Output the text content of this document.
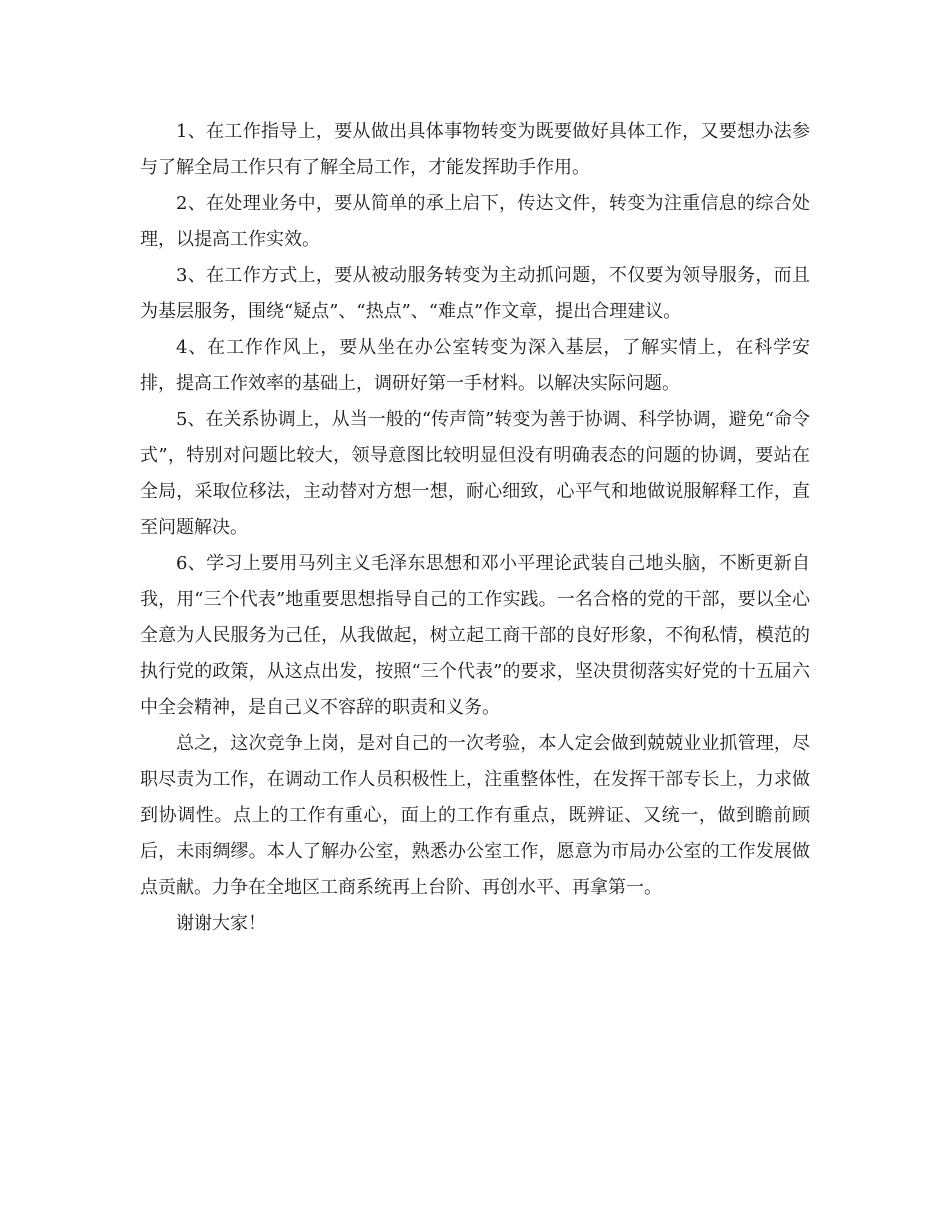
1、在工作指导上，要从做出具体事物转变为既要做好具体工作，又要想办法参与了解全局工作只有了解全局工作，才能发挥助手作用。

2、在处理业务中，要从简单的承上启下，传达文件，转变为注重信息的综合处理，以提高工作实效。

3、在工作方式上，要从被动服务转变为主动抓问题，不仅要为领导服务，而且为基层服务，围绕“疑点”、“热点”、“难点”作文章，提出合理建议。

4、在工作作风上，要从坐在办公室转变为深入基层，了解实情上，在科学安排，提高工作效率的基础上，调研好第一手材料。以解决实际问题。

5、在关系协调上，从当一般的“传声筒”转变为善于协调、科学协调，避免“命令式”，特别对问题比较大，领导意图比较明显但没有明确表态的问题的协调，要站在全局，采取位移法，主动替对方想一想，耐心细致，心平气和地做说服解释工作，直至问题解决。

6、学习上要用马列主义毛泽东思想和邓小平理论武装自己地头脑，不断更新自我，用“三个代表”地重要思想指导自己的工作实践。一名合格的党的干部，要以全心全意为人民服务为己任，从我做起，树立起工商干部的良好形象，不徇私情，模范的执行党的政策，从这点出发，按照“三个代表”的要求，坚决贯彻落实好党的十五届六中全会精神，是自己义不容辞的职责和义务。

总之，这次竞争上岗，是对自己的一次考验，本人定会做到兢兢业业抓管理，尽职尽责为工作，在调动工作人员积极性上，注重整体性，在发挥干部专长上，力求做到协调性。点上的工作有重心，面上的工作有重点，既辨证、又统一，做到瞻前顾后，未雨绸缪。本人了解办公室，熟悉办公室工作，愿意为市局办公室的工作发展做点贡献。力争在全地区工商系统再上台阶、再创水平、再拿第一。

谢谢大家！
